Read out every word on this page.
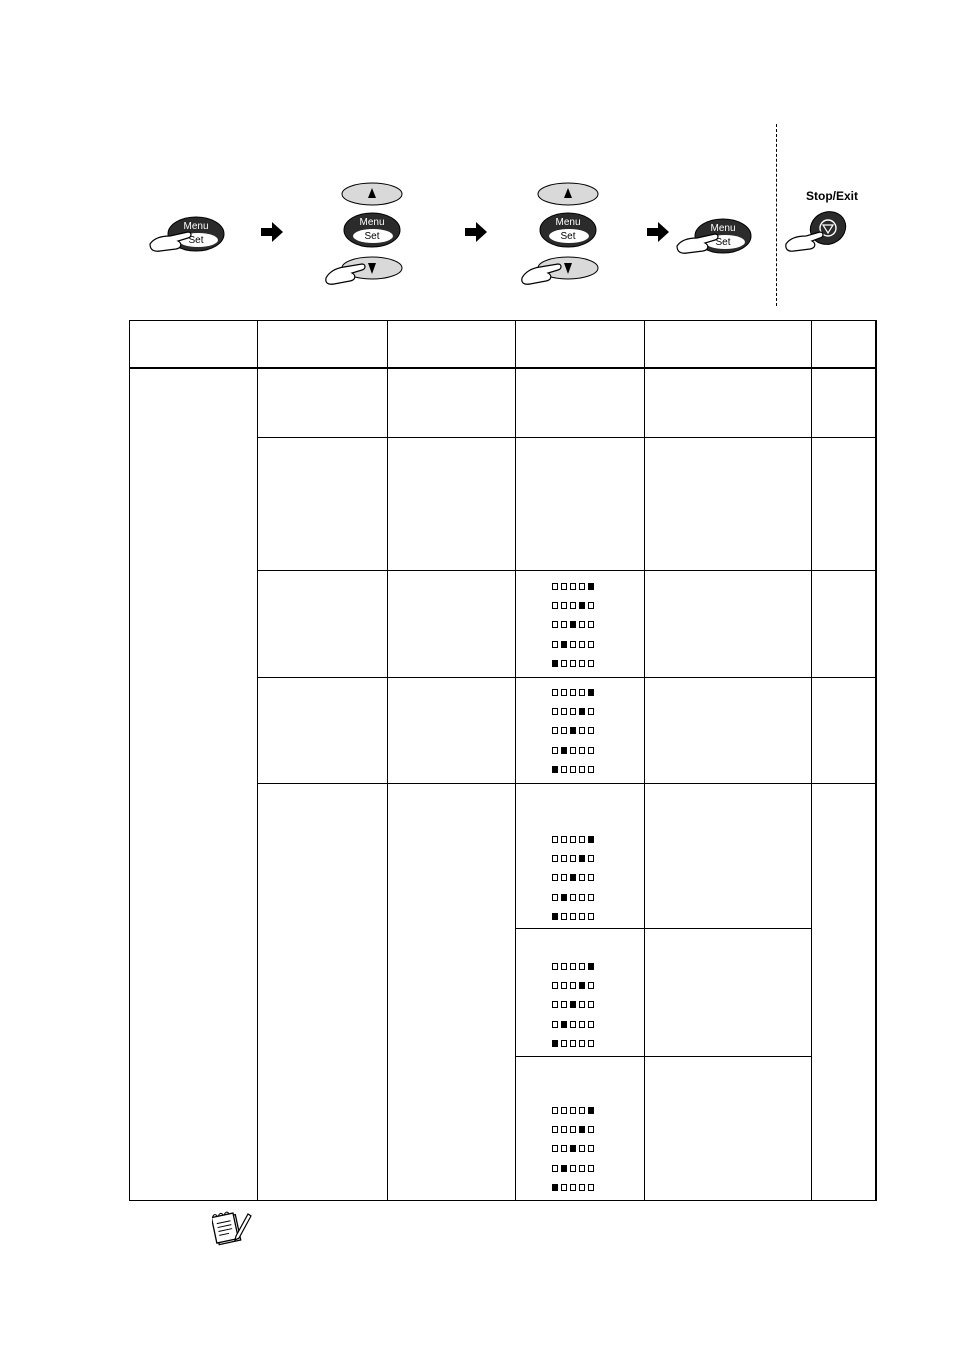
Menu
Set
Menu
Set
Menu
Set
Menu
Set
Stop/Exit
